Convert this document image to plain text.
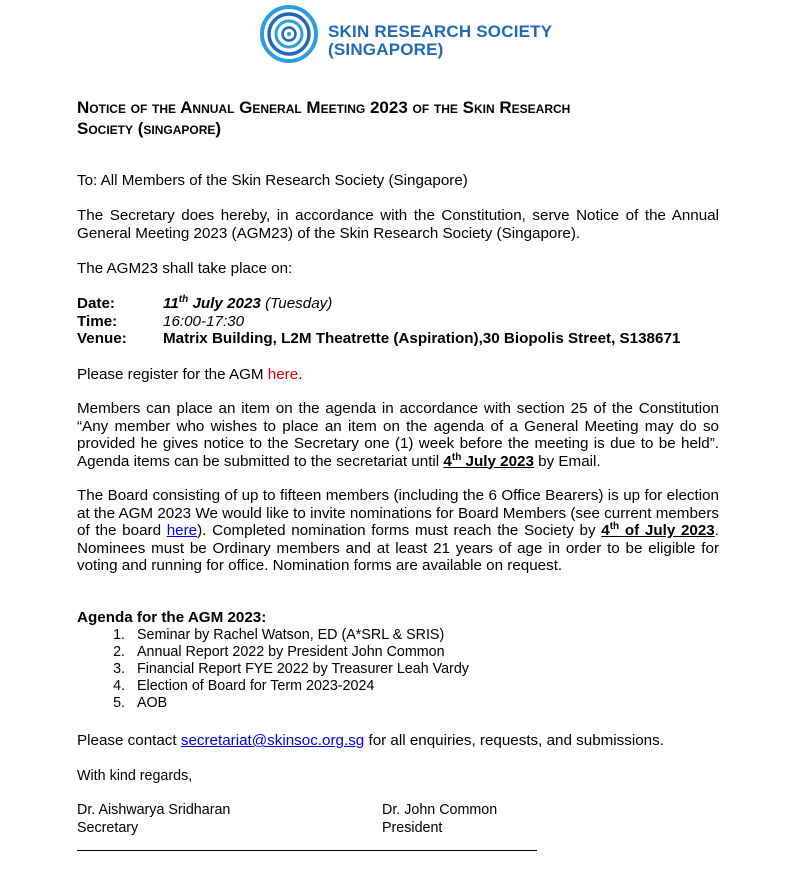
SKIN RESEARCH SOCIETY
(SINGAPORE)
Notice of the Annual General Meeting 2023 of the Skin Research
Society (singapore)
To: All Members of the Skin Research Society (Singapore)
The Secretary does hereby, in accordance with the Constitution, serve Notice of the Annual General Meeting 2023 (AGM23) of the Skin Research Society (Singapore).
The AGM23 shall take place on:
Date:	11th July 2023 (Tuesday)
Time:	16:00-17:30
Venue:	Matrix Building, L2M Theatrette (Aspiration),30 Biopolis Street, S138671
Please register for the AGM here.
Members can place an item on the agenda in accordance with section 25 of the Constitution “Any member who wishes to place an item on the agenda of a General Meeting may do so provided he gives notice to the Secretary one (1) week before the meeting is due to be held”. Agenda items can be submitted to the secretariat until 4th July 2023 by Email.
The Board consisting of up to fifteen members (including the 6 Office Bearers) is up for election at the AGM 2023 We would like to invite nominations for Board Members (see current members of the board here). Completed nomination forms must reach the Society by 4th of July 2023. Nominees must be Ordinary members and at least 21 years of age in order to be eligible for voting and running for office. Nomination forms are available on request.
Agenda for the AGM 2023:
1. Seminar by Rachel Watson, ED (A*SRL & SRIS)
2. Annual Report 2022 by President John Common
3. Financial Report FYE 2022 by Treasurer Leah Vardy
4. Election of Board for Term 2023-2024
5. AOB
Please contact secretariat@skinsoc.org.sg for all enquiries, requests, and submissions.
With kind regards,
Dr. Aishwarya Sridharan
Secretary
Dr. John Common
President
